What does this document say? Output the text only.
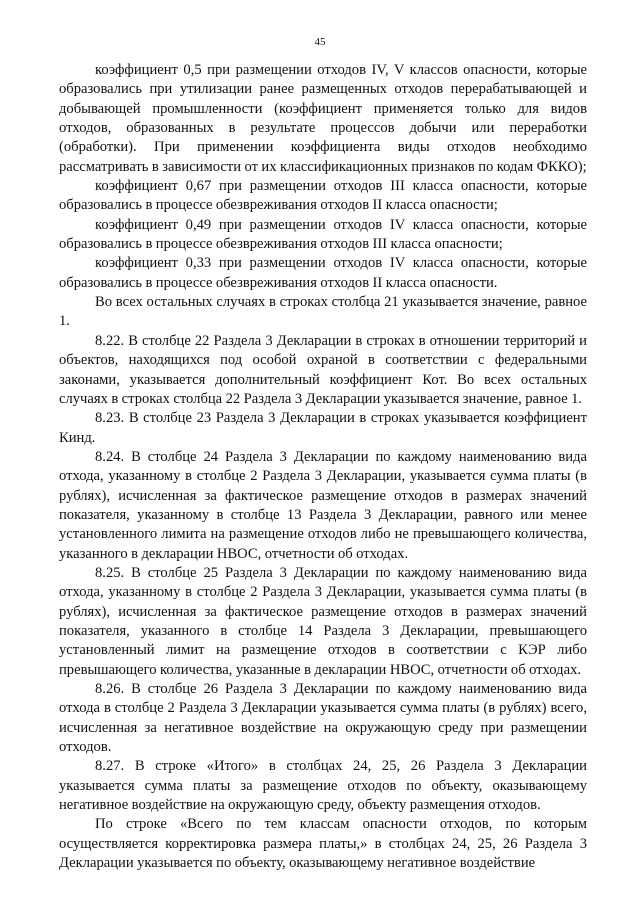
45

коэффициент 0,5 при размещении отходов IV, V классов опасности, которые образовались при утилизации ранее размещенных отходов перерабатывающей и добывающей промышленности (коэффициент применяется только для видов отходов, образованных в результате процессов добычи или переработки (обработки). При применении коэффициента виды отходов необходимо рассматривать в зависимости от их классификационных признаков по кодам ФККО);

коэффициент 0,67 при размещении отходов III класса опасности, которые образовались в процессе обезвреживания отходов II класса опасности;

коэффициент 0,49 при размещении отходов IV класса опасности, которые образовались в процессе обезвреживания отходов III класса опасности;

коэффициент 0,33 при размещении отходов IV класса опасности, которые образовались в процессе обезвреживания отходов II класса опасности.

Во всех остальных случаях в строках столбца 21 указывается значение, равное 1.

8.22. В столбце 22 Раздела 3 Декларации в строках в отношении территорий и объектов, находящихся под особой охраной в соответствии с федеральными законами, указывается дополнительный коэффициент Кот. Во всех остальных случаях в строках столбца 22 Раздела 3 Декларации указывается значение, равное 1.

8.23. В столбце 23 Раздела 3 Декларации в строках указывается коэффициент Кинд.

8.24. В столбце 24 Раздела 3 Декларации по каждому наименованию вида отхода, указанному в столбце 2 Раздела 3 Декларации, указывается сумма платы (в рублях), исчисленная за фактическое размещение отходов в размерах значений показателя, указанному в столбце 13 Раздела 3 Декларации, равного или менее установленного лимита на размещение отходов либо не превышающего количества, указанного в декларации НВОС, отчетности об отходах.

8.25. В столбце 25 Раздела 3 Декларации по каждому наименованию вида отхода, указанному в столбце 2 Раздела 3 Декларации, указывается сумма платы (в рублях), исчисленная за фактическое размещение отходов в размерах значений показателя, указанного в столбце 14 Раздела 3 Декларации, превышающего установленный лимит на размещение отходов в соответствии с КЭР либо превышающего количества, указанные в декларации НВОС, отчетности об отходах.

8.26. В столбце 26 Раздела 3 Декларации по каждому наименованию вида отхода в столбце 2 Раздела 3 Декларации указывается сумма платы (в рублях) всего, исчисленная за негативное воздействие на окружающую среду при размещении отходов.

8.27. В строке «Итого» в столбцах 24, 25, 26 Раздела 3 Декларации указывается сумма платы за размещение отходов по объекту, оказывающему негативное воздействие на окружающую среду, объекту размещения отходов.

По строке «Всего по тем классам опасности отходов, по которым осуществляется корректировка размера платы,» в столбцах 24, 25, 26 Раздела 3 Декларации указывается по объекту, оказывающему негативное воздействие
